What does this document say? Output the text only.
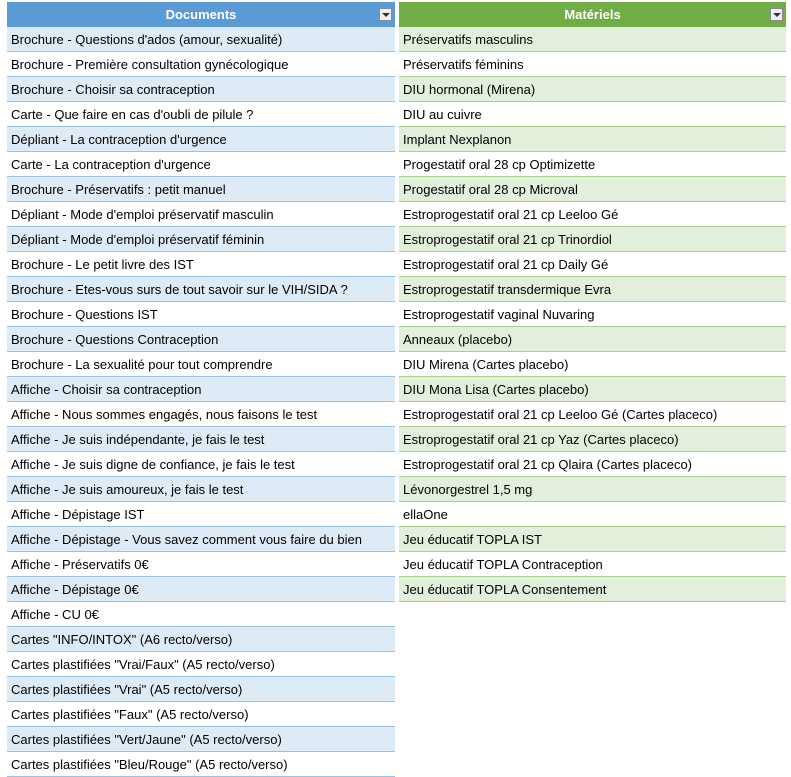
Documents
Brochure - Questions d'ados (amour, sexualité)
Brochure - Première consultation gynécologique
Brochure - Choisir sa contraception
Carte - Que faire en cas d'oubli de pilule ?
Dépliant - La contraception d'urgence
Carte - La contraception d'urgence
Brochure - Préservatifs : petit manuel
Dépliant - Mode d'emploi préservatif masculin
Dépliant - Mode d'emploi préservatif féminin
Brochure - Le petit livre des IST
Brochure - Etes-vous surs de tout savoir sur le VIH/SIDA ?
Brochure - Questions IST
Brochure - Questions Contraception
Brochure - La sexualité pour tout comprendre
Affiche - Choisir sa contraception
Affiche - Nous sommes engagés, nous faisons le test
Affiche - Je suis indépendante, je fais le test
Affiche - Je suis digne de confiance, je fais le test
Affiche - Je suis amoureux, je fais le test
Affiche - Dépistage IST
Affiche - Dépistage - Vous savez comment vous faire du bien
Affiche - Préservatifs 0€
Affiche - Dépistage 0€
Affiche - CU 0€
Cartes "INFO/INTOX" (A6 recto/verso)
Cartes plastifiées "Vrai/Faux" (A5 recto/verso)
Cartes plastifiées "Vrai" (A5 recto/verso)
Cartes plastifiées "Faux" (A5 recto/verso)
Cartes plastifiées "Vert/Jaune" (A5 recto/verso)
Cartes plastifiées "Bleu/Rouge" (A5 recto/verso)
Matériels
Préservatifs masculins
Préservatifs féminins
DIU hormonal (Mirena)
DIU au cuivre
Implant Nexplanon
Progestatif oral 28 cp Optimizette
Progestatif oral 28 cp Microval
Estroprogestatif oral 21 cp Leeloo Gé
Estroprogestatif oral 21 cp Trinordiol
Estroprogestatif oral 21 cp Daily Gé
Estroprogestatif transdermique Evra
Estroprogestatif vaginal Nuvaring
Anneaux (placebo)
DIU Mirena (Cartes placebo)
DIU Mona Lisa (Cartes placebo)
Estroprogestatif oral 21 cp Leeloo Gé (Cartes placeco)
Estroprogestatif oral 21 cp Yaz (Cartes placeco)
Estroprogestatif oral 21 cp Qlaira (Cartes placeco)
Lévonorgestrel 1,5 mg
ellaOne
Jeu éducatif TOPLA IST
Jeu éducatif TOPLA Contraception
Jeu éducatif TOPLA Consentement
